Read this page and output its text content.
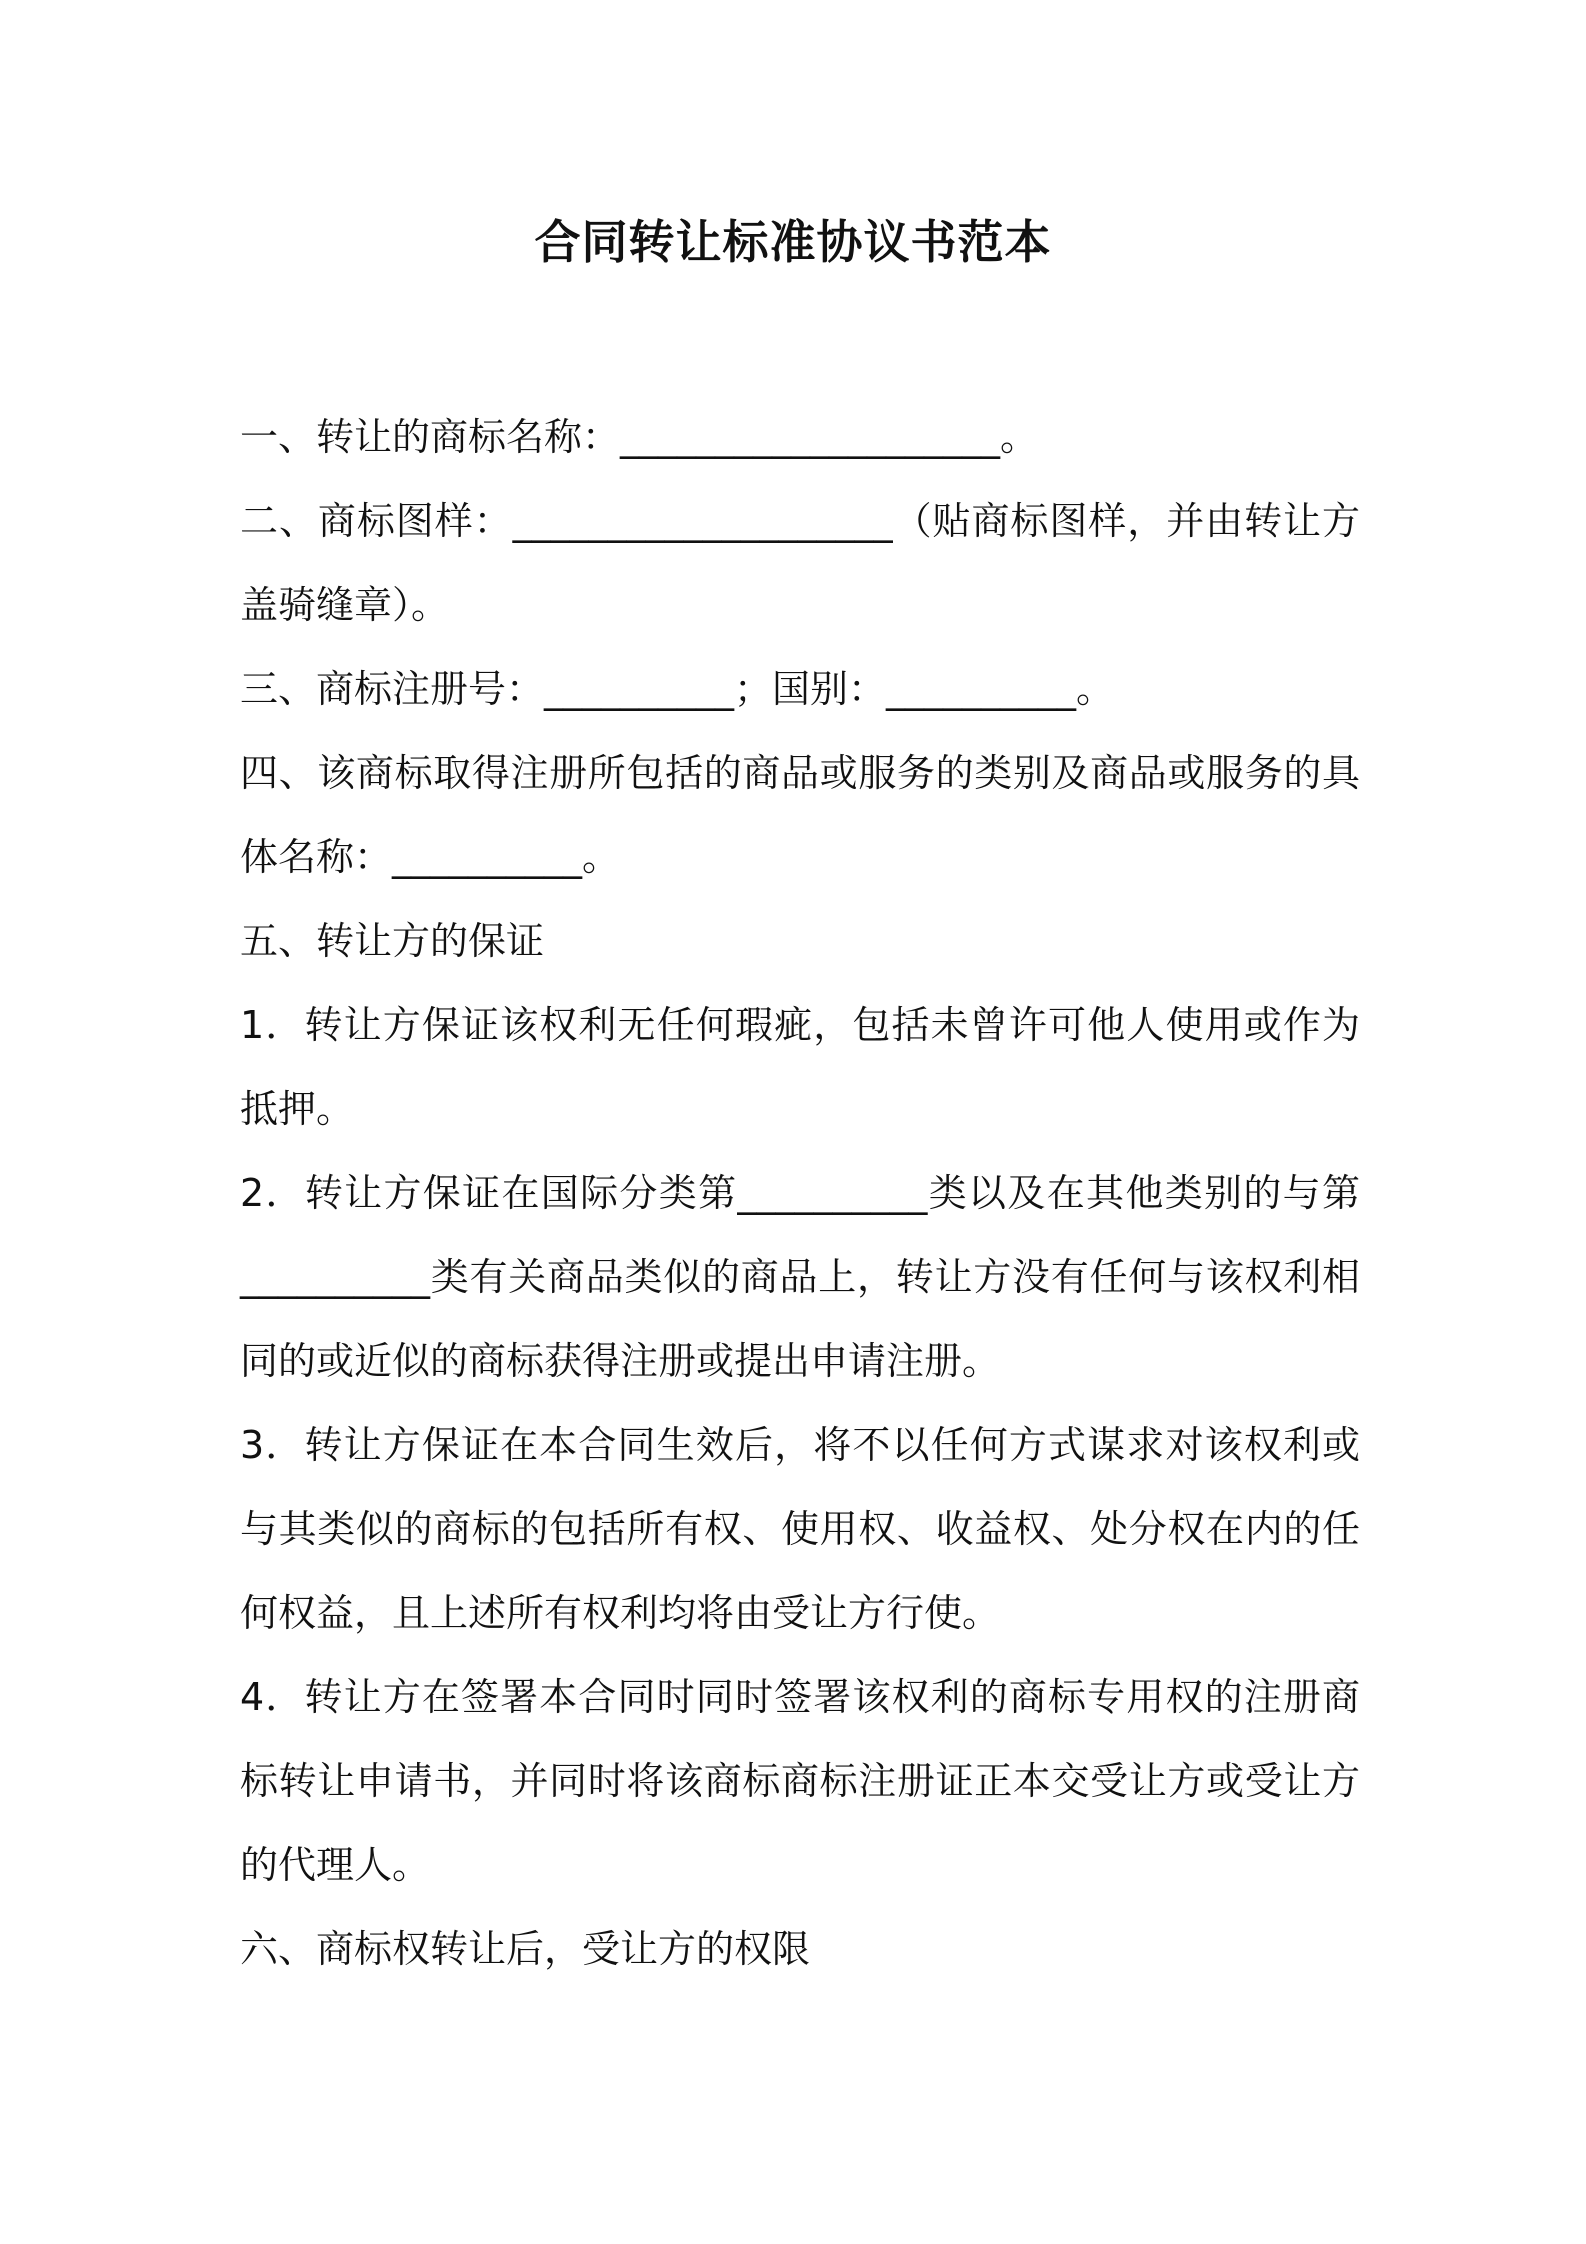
合同转让标准协议书范本

一、转让的商标名称：____________________。

二、商标图样：____________________（贴商标图样，并由转让方盖骑缝章）。

三、商标注册号：__________；国别：__________。

四、该商标取得注册所包括的商品或服务的类别及商品或服务的具体名称：__________。

五、转让方的保证

1．转让方保证该权利无任何瑕疵，包括未曾许可他人使用或作为抵押。

2．转让方保证在国际分类第__________类以及在其他类别的与第__________类有关商品类似的商品上，转让方没有任何与该权利相同的或近似的商标获得注册或提出申请注册。

3．转让方保证在本合同生效后，将不以任何方式谋求对该权利或与其类似的商标的包括所有权、使用权、收益权、处分权在内的任何权益，且上述所有权利均将由受让方行使。

4．转让方在签署本合同时同时签署该权利的商标专用权的注册商标转让申请书，并同时将该商标商标注册证正本交受让方或受让方的代理人。

六、商标权转让后，受让方的权限
